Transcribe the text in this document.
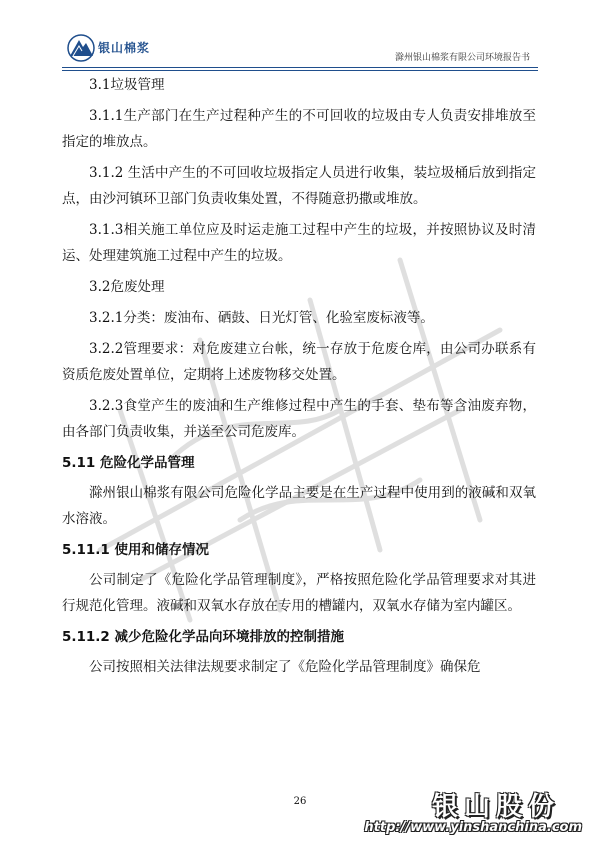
银山棉浆
滁州银山棉浆有限公司环境报告书

3.1垃圾管理

3.1.1生产部门在生产过程种产生的不可回收的垃圾由专人负责安排堆放至指定的堆放点。

3.1.2 生活中产生的不可回收垃圾指定人员进行收集，装垃圾桶后放到指定点，由沙河镇环卫部门负责收集处置，不得随意扔撒或堆放。

3.1.3相关施工单位应及时运走施工过程中产生的垃圾，并按照协议及时清运、处理建筑施工过程中产生的垃圾。

3.2危废处理

3.2.1分类：废油布、硒鼓、日光灯管、化验室废标液等。

3.2.2管理要求：对危废建立台帐，统一存放于危废仓库，由公司办联系有资质危废处置单位，定期将上述废物移交处置。

3.2.3食堂产生的废油和生产维修过程中产生的手套、垫布等含油废弃物，由各部门负责收集，并送至公司危废库。

5.11 危险化学品管理

滁州银山棉浆有限公司危险化学品主要是在生产过程中使用到的液碱和双氧水溶液。

5.11.1 使用和储存情况

公司制定了《危险化学品管理制度》，严格按照危险化学品管理要求对其进行规范化管理。液碱和双氧水存放在专用的槽罐内，双氧水存储为室内罐区。

5.11.2 减少危险化学品向环境排放的控制措施

公司按照相关法律法规要求制定了《危险化学品管理制度》确保危

26	银山股份
http://www.yinshanchina.com
